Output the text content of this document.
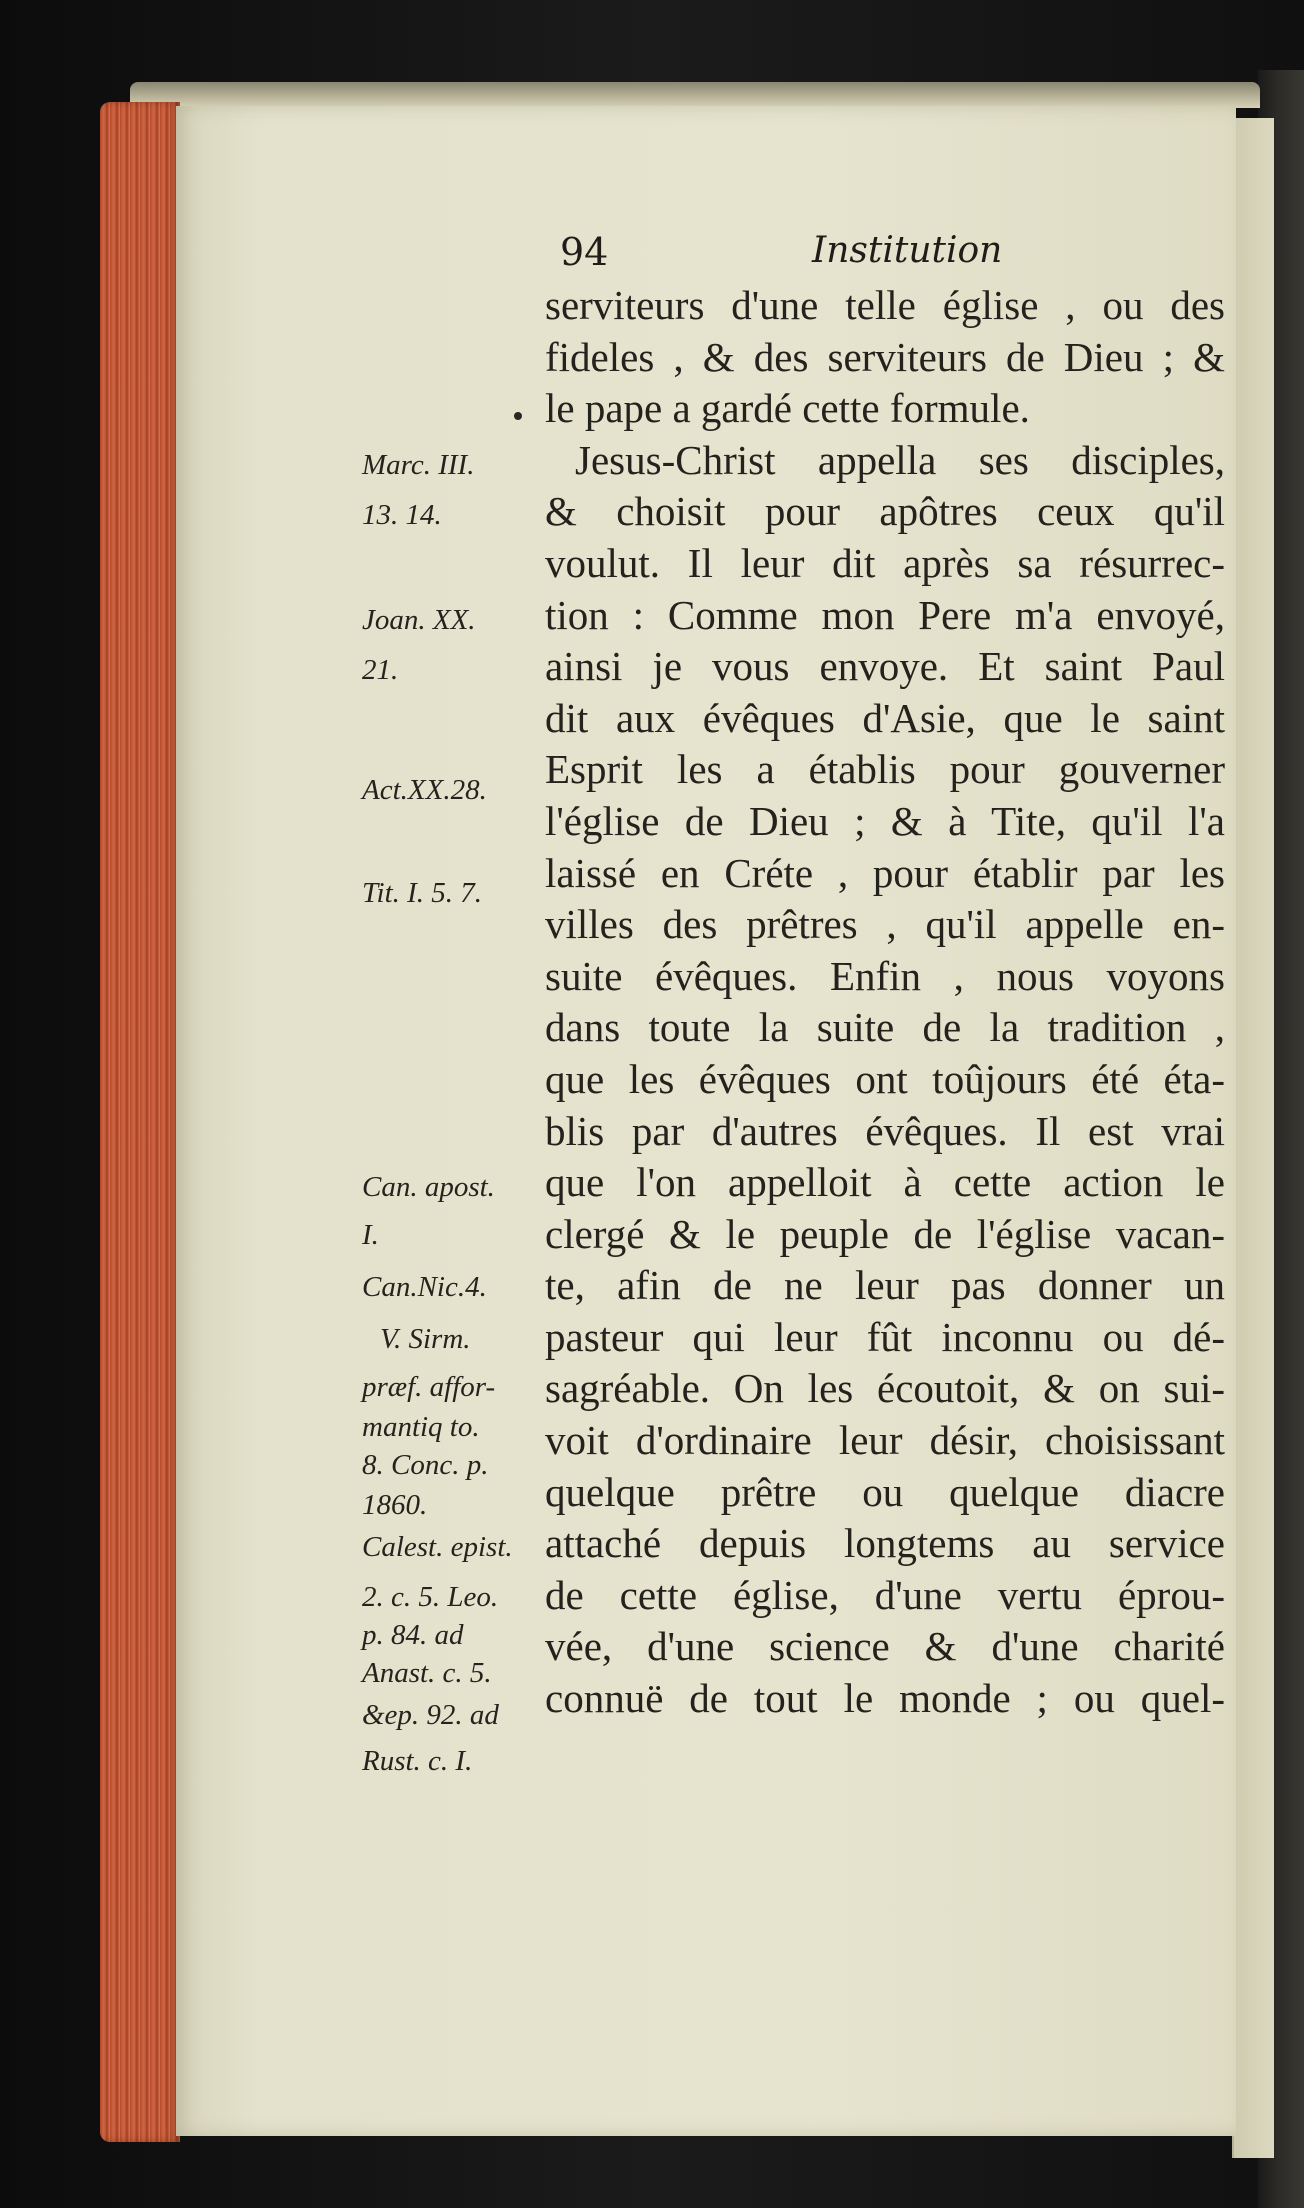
94	Institution
serviteurs d'une telle église , ou des
fideles , & des serviteurs de Dieu ; &
le pape a gardé cette formule.
Jesus-Christ appella ses disciples,
& choisit pour apôtres ceux qu'il
voulut. Il leur dit après sa résurrec-
tion : Comme mon Pere m'a envoyé,
ainsi je vous envoye. Et saint Paul
dit aux évêques d'Asie, que le saint
Esprit les a établis pour gouverner
l'église de Dieu ; & à Tite, qu'il l'a
laissé en Créte , pour établir par les
villes des prêtres , qu'il appelle en-
suite évêques. Enfin , nous voyons
dans toute la suite de la tradition ,
que les évêques ont toûjours été éta-
blis par d'autres évêques. Il est vrai
que l'on appelloit à cette action le
clergé & le peuple de l'église vacan-
te, afin de ne leur pas donner un
pasteur qui leur fût inconnu ou dé-
sagréable. On les écoutoit, & on sui-
voit d'ordinaire leur désir, choisissant
quelque prêtre ou quelque diacre
attaché depuis longtems au service
de cette église, d'une vertu éprou-
vée, d'une science & d'une charité
connuë de tout le monde ; ou quel-
Marc. III.
13. 14.
Joan. XX.
21.
Act.XX.28.
Tit. I. 5. 7.
Can. apost.
I.
Can.Nic.4.
V. Sirm.
præf. affor-
mantiq to.
8. Conc. p.
1860.
Calest. epist.
2. c. 5. Leo.
p. 84. ad
Anast. c. 5.
&ep. 92. ad
Rust. c. I.
